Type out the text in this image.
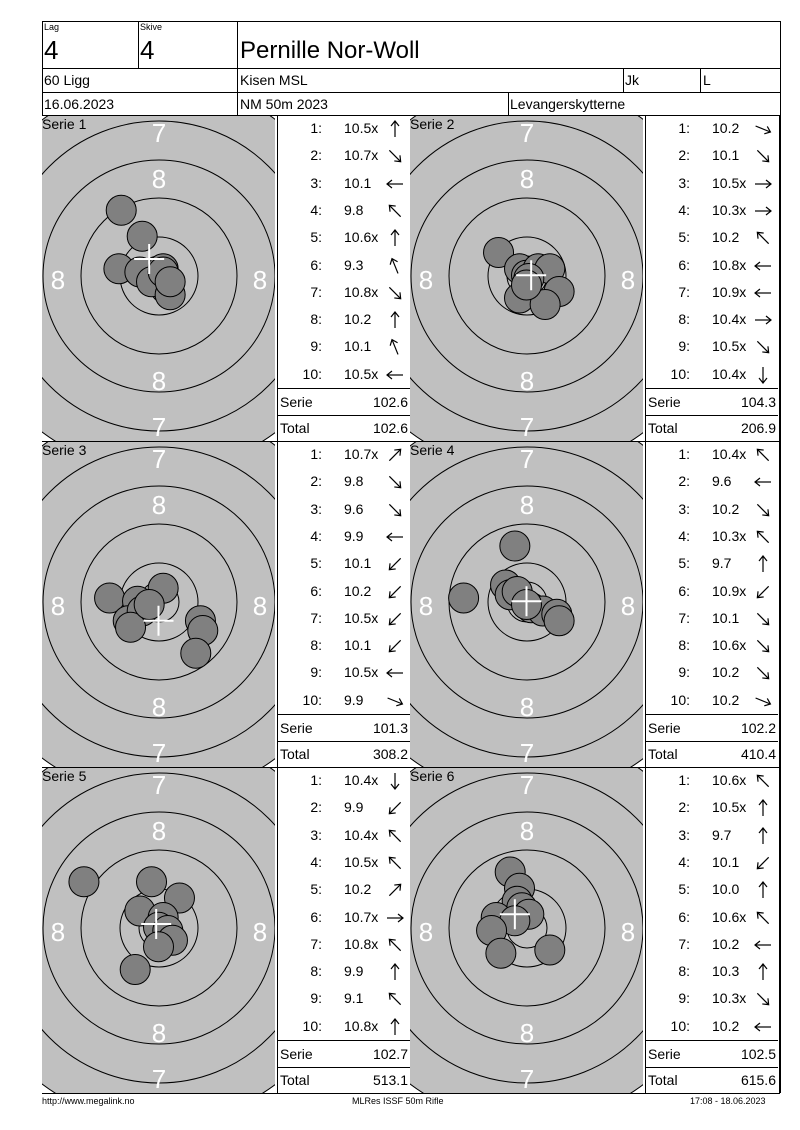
Lag
4
Skive
4	Pernille Nor-Woll
60 Ligg	Kisen MSL	Jk	L
16.06.2023	NM 50m 2023	Levangerskytterne
7
8
8
7
8	8
Serie 1	1: 10.5x
2: 10.7x
3: 10.1
4: 9.8
5: 10.6x
6: 9.3
7: 10.8x
8: 10.2
9: 10.1
10: 10.5x
Serie	102.6
Total	102.6
7
8
8
7
8	8
Serie 2	1: 10.2
2: 10.1
3: 10.5x
4: 10.3x
5: 10.2
6: 10.8x
7: 10.9x
8: 10.4x
9: 10.5x
10: 10.4x
Serie	104.3
Total	206.9
7
8
8
7
8	8
Serie 3	1: 10.7x
2: 9.8
3: 9.6
4: 9.9
5: 10.1
6: 10.2
7: 10.5x
8: 10.1
9: 10.5x
10: 9.9
Serie	101.3
Total	308.2
7
8
8
7
8	8
Serie 4	1: 10.4x
2: 9.6
3: 10.2
4: 10.3x
5: 9.7
6: 10.9x
7: 10.1
8: 10.6x
9: 10.2
10: 10.2
Serie	102.2
Total	410.4
7
8
8
7
8	8
Serie 5	1: 10.4x
2: 9.9
3: 10.4x
4: 10.5x
5: 10.2
6: 10.7x
7: 10.8x
8: 9.9
9: 9.1
10: 10.8x
Serie	102.7
Total	513.1
7
8
8
7
8	8
Serie 6	1: 10.6x
2: 10.5x
3: 9.7
4: 10.1
5: 10.0
6: 10.6x
7: 10.2
8: 10.3
9: 10.3x
10: 10.2
Serie	102.5
Total	615.6
http://www.megalink.no	MLRes ISSF 50m Rifle	17:08 - 18.06.2023
